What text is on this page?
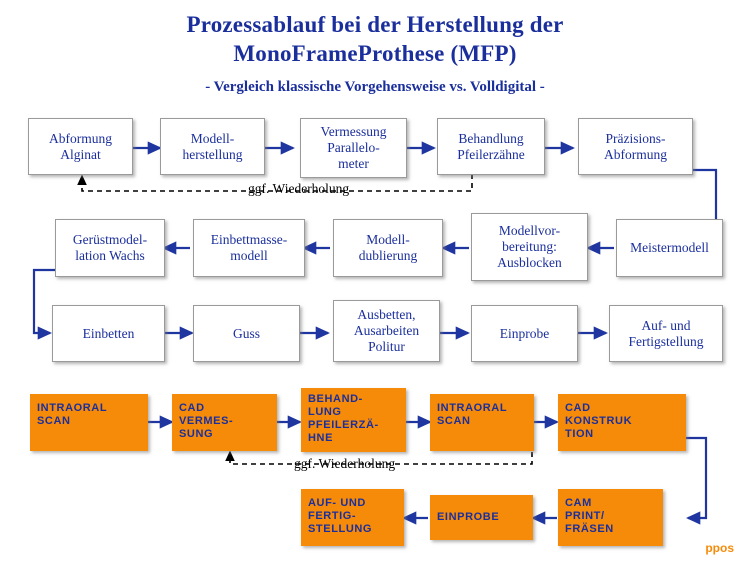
Prozessablauf bei der Herstellung der
MonoFrameProthese (MFP)
- Vergleich klassische Vorgehensweise vs. Volldigital -
Abformung
Alginat
Modell-
herstellung
Vermessung
Parallelo-
meter
Behandlung
Pfeilerzähne
Präzisions-
Abformung
ggf. Wiederholung
Gerüstmodel-
lation Wachs
Einbettmasse-
modell
Modell-
dublierung
Modellvor-
bereitung:
Ausblocken
Meistermodell
Einbetten	Guss
Ausbetten,
Ausarbeiten
Politur
Einprobe
Auf- und
Fertigstellung
INTRAORAL
SCAN
CAD
VERMES-
SUNG
BEHAND-
LUNG
PFEILERZÄ-
HNE
INTRAORAL
SCAN
CAD
KONSTRUK
TION
ggf. Wiederholung
AUF- UND
FERTIG-
STELLUNG
EINPROBE
CAM
PRINT/
FRÄSEN
ppos
